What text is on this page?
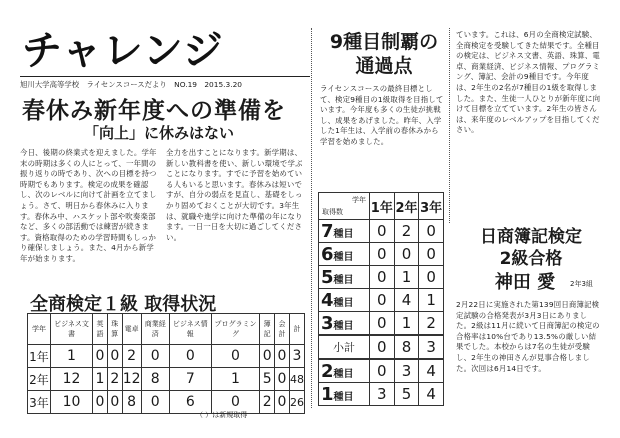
チャレンジ
旭川大学高等学校　ライセンスコースだより　NO.19　2015.3.20
春休み新年度への準備を
「向上」に休みはない
今日、後期の終業式を迎えました。学年末の時期は多くの人にとって、一年間の振り返りの時であり、次への目標を持つ時期でもあります。検定の成果を確認し、次のレベルに向けて計画を立てましょう。さて、明日から春休みに入ります。春休み中、ハスケット部や吹奏楽部など、多くの部活動では練習が続きます。資格取得のための学習時間もしっかり確保しましょう。また、4月から新学年が始まります。
全力を出すことになります。新学期は、新しい教科書を使い、新しい環境で学ぶことになります。すでに予習を始めている人もいると思います。春休みは短いですが、自分の弱点を見直し、基礎をしっかり固めておくことが大切です。3年生は、就職や進学に向けた準備の年になります。一日一日を大切に過ごしてください。
全商検定１級 取得状況
学年	ビジネス文書	英語	珠算	電卓	商業経済	ビジネス情報	プログラミング	簿記	会計	計
1年	1	0	0	2	0	0	0	0	0	3
2年	12	1	2	12	8	7	1	5	0	48
3年	10	0	0	8	0	6	0	2	0	26
（ ）は新規取得
9種目制覇の通過点
ライセンスコースの最終目標として、検定9種目の1級取得を目指しています。今年度も多くの生徒が挑戦し、成果をあげました。昨年、入学した1年生は、入学前の春休みから学習を始めました。
学年
取得数	1年	2年	3年
7種目	0	2	0
6種目	0	0	0
5種目	0	1	0
4種目	0	4	1
3種目	0	1	2
小計	0	8	3
2種目	0	3	4
1種目	3	5	4
ています。これは、6月の全商検定試験、全商検定を受験してきた結果です。全種目の検定は、ビジネス文書、英語、珠算、電卓、商業経済、ビジネス情報、プログラミング、簿記、会計の9種目です。今年度は、2年生の2名が7種目の1級を取得しました。また、生徒一人ひとりが新年度に向けて目標を立てています。2年生の皆さんは、来年度のレベルアップを目指してください。
日商簿記検定
2級合格
神田 愛	2年3組
2月22日に実施された第139回日商簿記検定試験の合格発表が3月3日にありました。2級は11月に続いて日商簿記の検定の合格率は10%台であり13.5%の厳しい結果でした。本校からは7名の生徒が受験し、2年生の神田さんが見事合格しました。次回は6月14日です。
